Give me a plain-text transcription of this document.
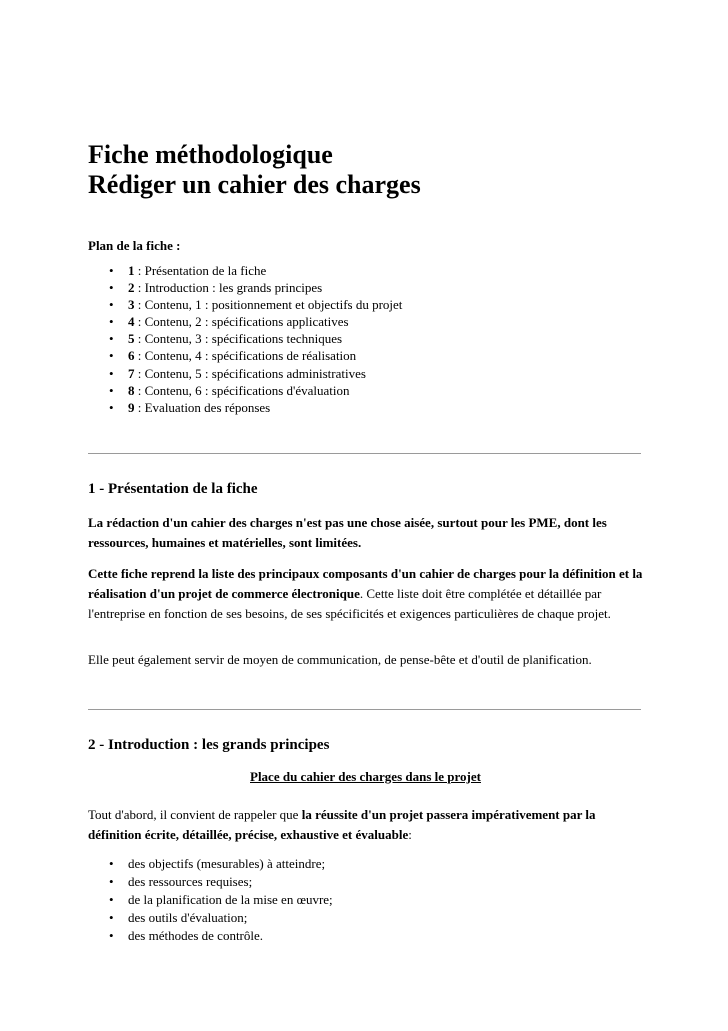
Fiche méthodologique
Rédiger un cahier des charges

Plan de la fiche :

• 1 : Présentation de la fiche
• 2 : Introduction : les grands principes
• 3 : Contenu, 1 : positionnement et objectifs du projet
• 4 : Contenu, 2 : spécifications applicatives
• 5 : Contenu, 3 : spécifications techniques
• 6 : Contenu, 4 : spécifications de réalisation
• 7 : Contenu, 5 : spécifications administratives
• 8 : Contenu, 6 : spécifications d'évaluation
• 9 : Evaluation des réponses
1 - Présentation de la fiche

La rédaction d'un cahier des charges n'est pas une chose aisée, surtout pour les PME, dont les ressources, humaines et matérielles, sont limitées.

Cette fiche reprend la liste des principaux composants d'un cahier de charges pour la définition et la réalisation d'un projet de commerce électronique. Cette liste doit être complétée et détaillée par l'entreprise en fonction de ses besoins, de ses spécificités et exigences particulières de chaque projet.

Elle peut également servir de moyen de communication, de pense-bête et d'outil de planification.

2 - Introduction : les grands principes

Place du cahier des charges dans le projet

Tout d'abord, il convient de rappeler que la réussite d'un projet passera impérativement par la définition écrite, détaillée, précise, exhaustive et évaluable:

• des objectifs (mesurables) à atteindre;
• des ressources requises;
• de la planification de la mise en œuvre;
• des outils d'évaluation;
• des méthodes de contrôle.
